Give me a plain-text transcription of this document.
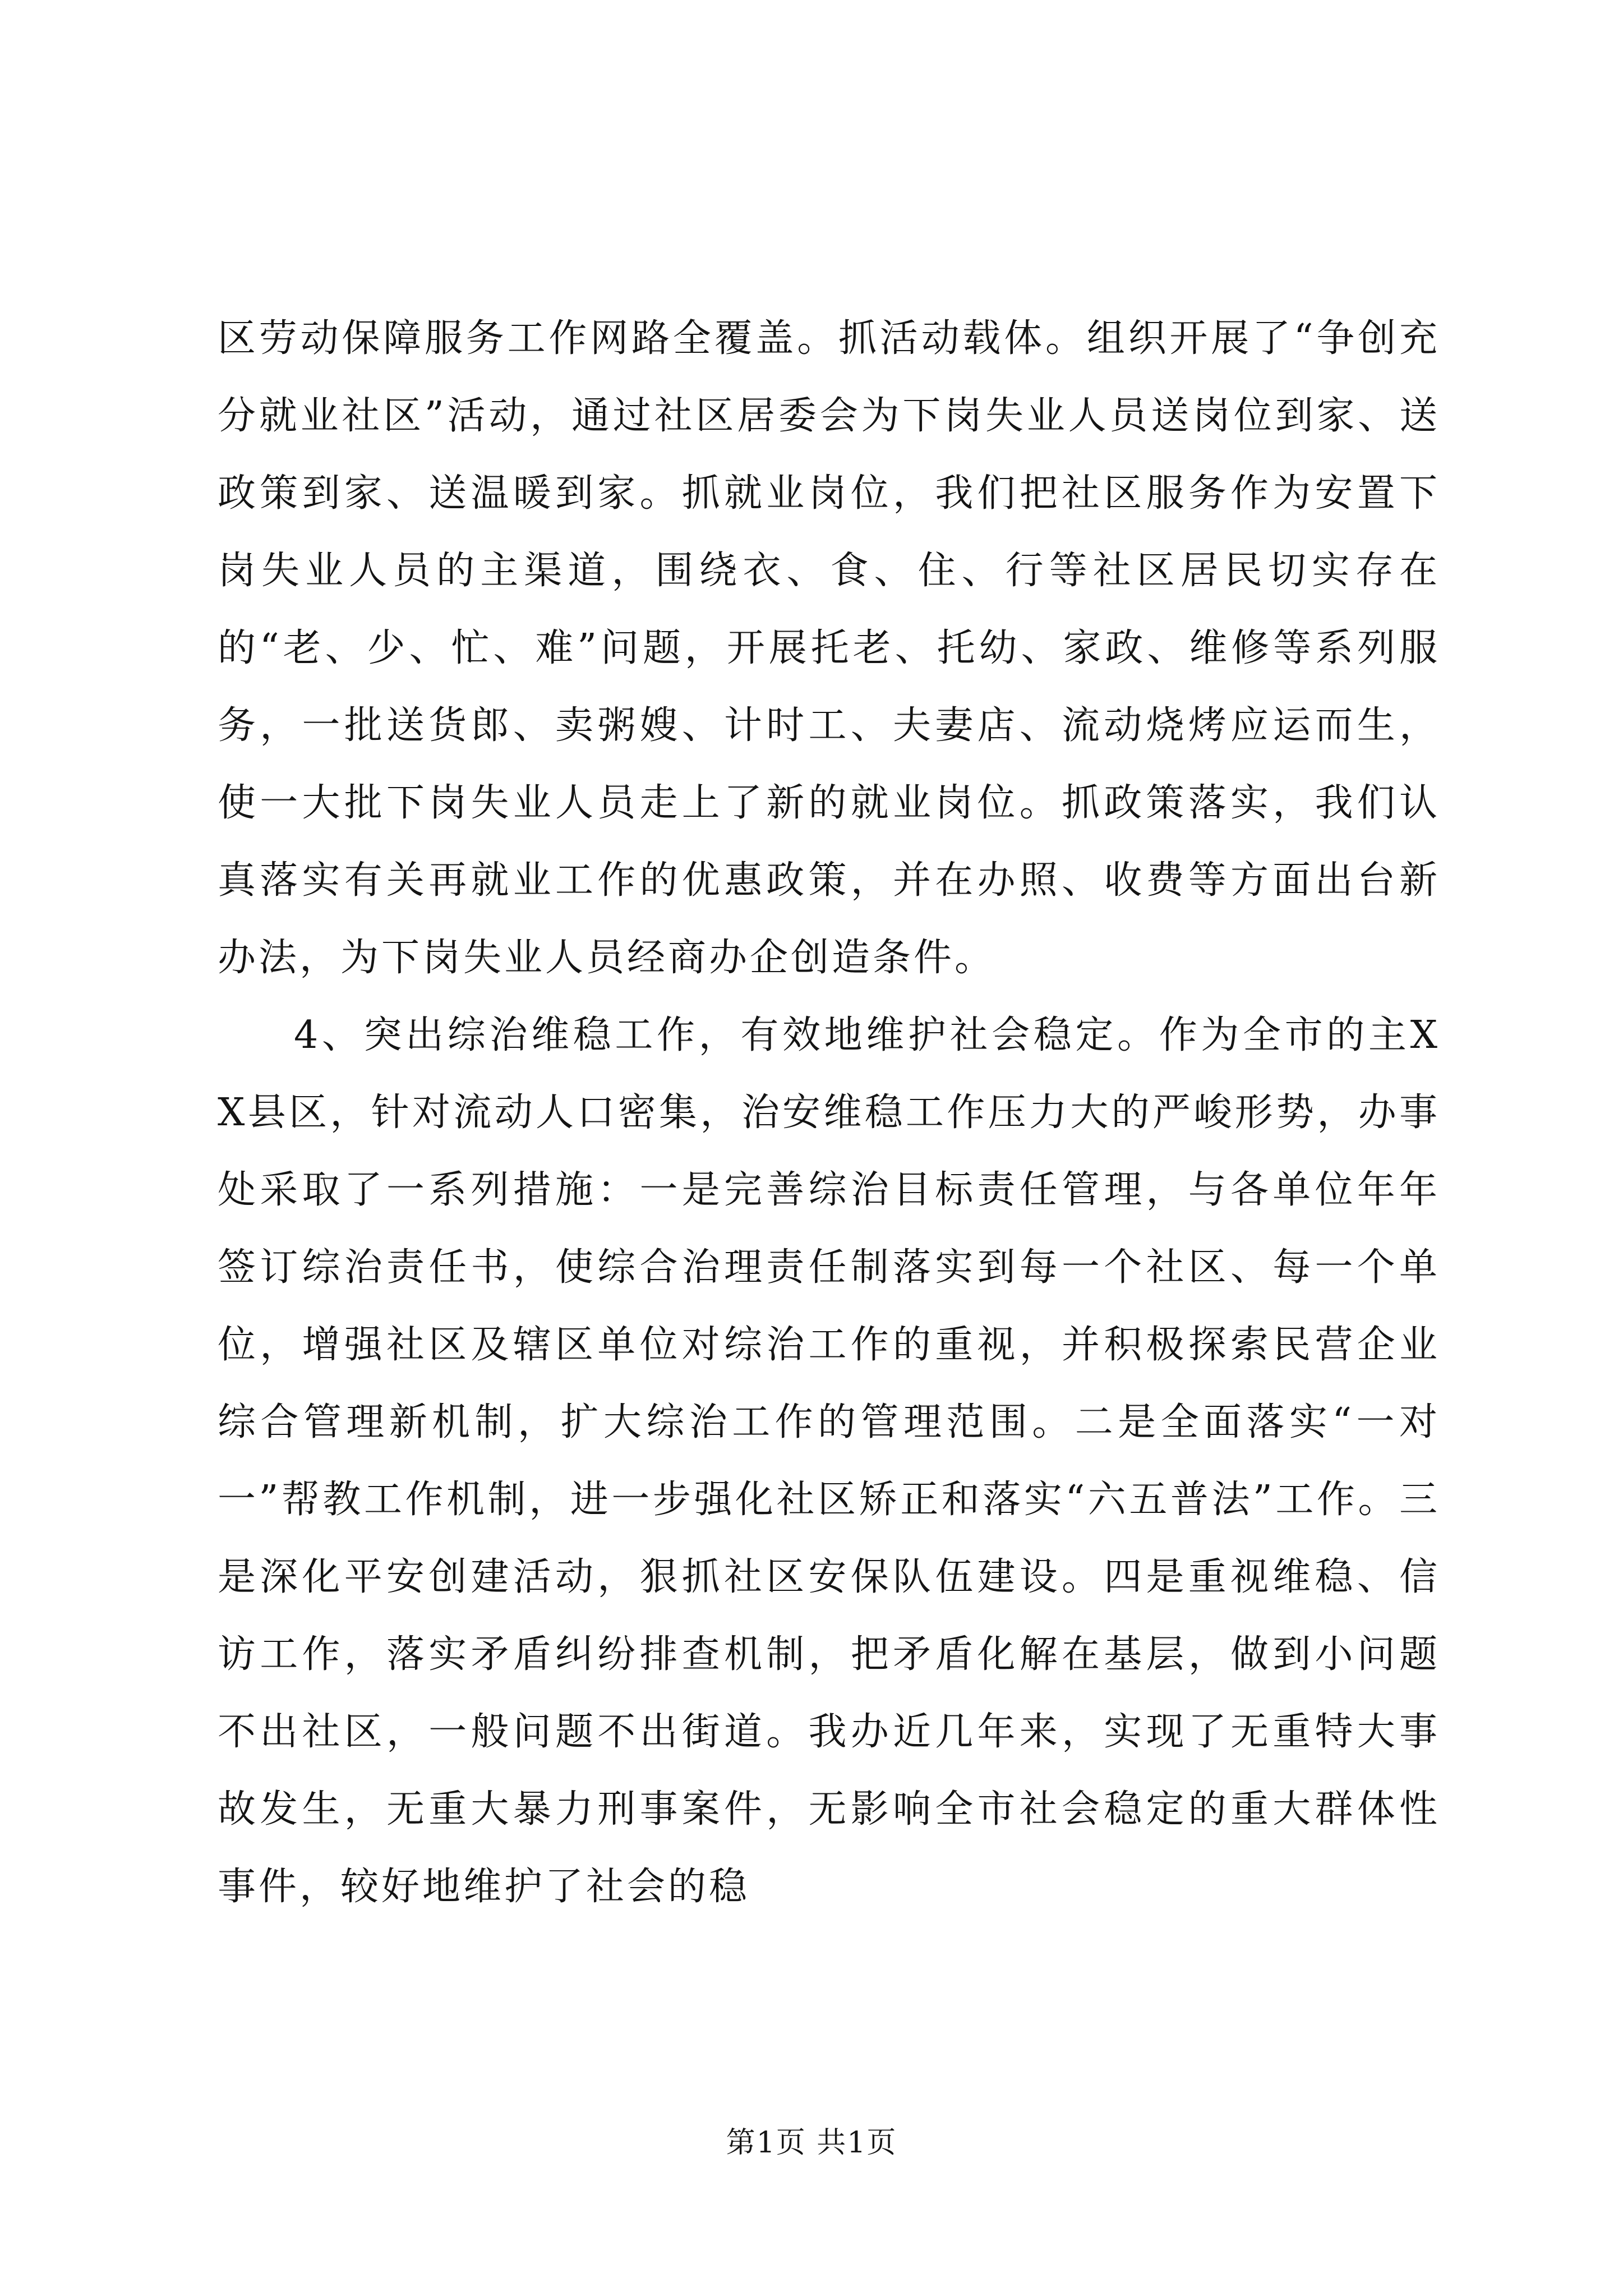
区劳动保障服务工作网路全覆盖。抓活动载体。组织开展了“争创充分就业社区”活动，通过社区居委会为下岗失业人员送岗位到家、送政策到家、送温暖到家。抓就业岗位，我们把社区服务作为安置下岗失业人员的主渠道，围绕衣、食、住、行等社区居民切实存在的“老、少、忙、难”问题，开展托老、托幼、家政、维修等系列服务，一批送货郎、卖粥嫂、计时工、夫妻店、流动烧烤应运而生，使一大批下岗失业人员走上了新的就业岗位。抓政策落实，我们认真落实有关再就业工作的优惠政策，并在办照、收费等方面出台新办法，为下岗失业人员经商办企创造条件。

4、突出综治维稳工作，有效地维护社会稳定。作为全市的主XX县区，针对流动人口密集，治安维稳工作压力大的严峻形势，办事处采取了一系列措施：一是完善综治目标责任管理，与各单位年年签订综治责任书，使综合治理责任制落实到每一个社区、每一个单位，增强社区及辖区单位对综治工作的重视，并积极探索民营企业综合管理新机制，扩大综治工作的管理范围。二是全面落实“一对一”帮教工作机制，进一步强化社区矫正和落实“六五普法”工作。三是深化平安创建活动，狠抓社区安保队伍建设。四是重视维稳、信访工作，落实矛盾纠纷排查机制，把矛盾化解在基层，做到小问题不出社区，一般问题不出街道。我办近几年来，实现了无重特大事故发生，无重大暴力刑事案件，无影响全市社会稳定的重大群体性事件，较好地维护了社会的稳

第1页 共1页
